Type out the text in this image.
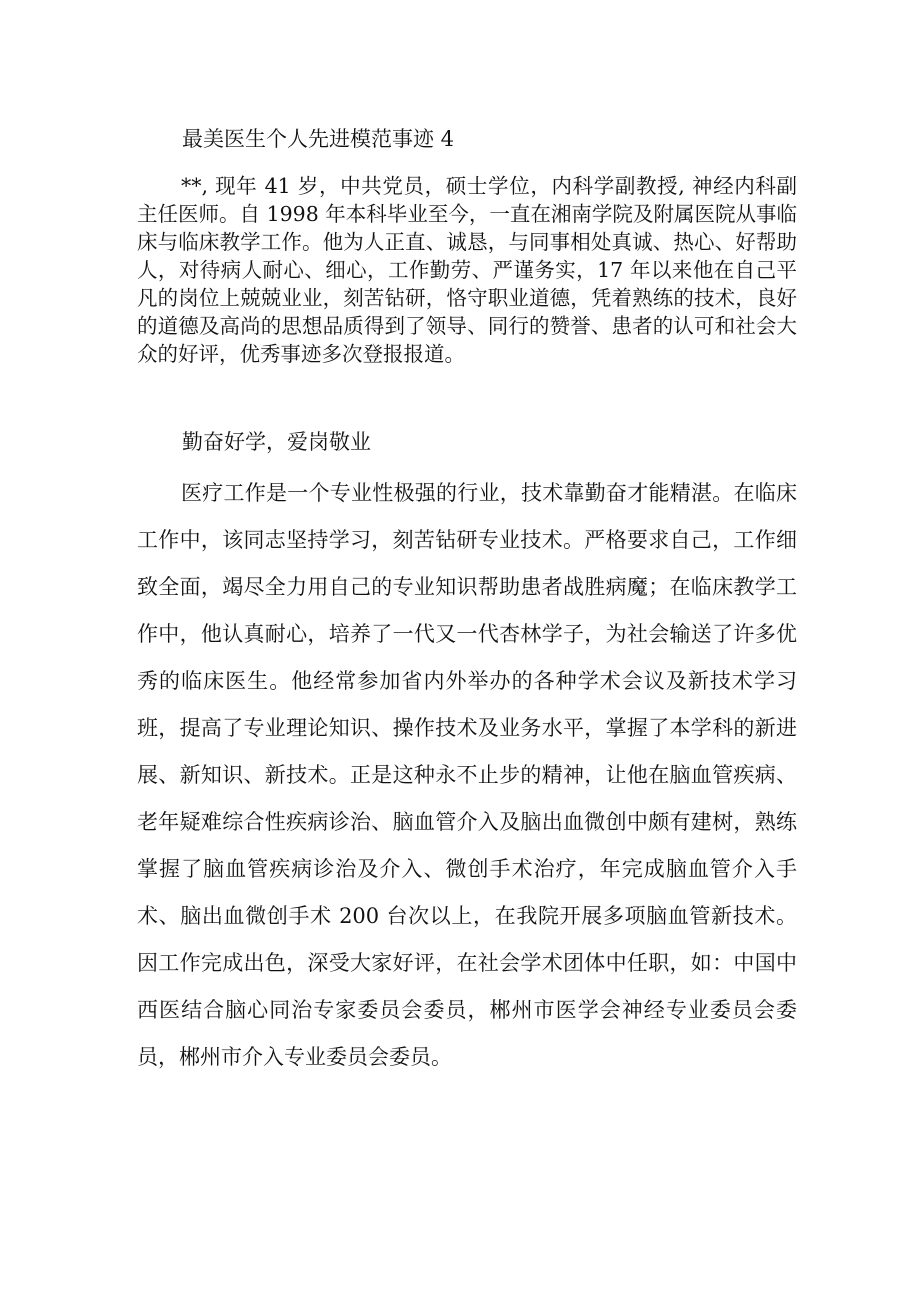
最美医生个人先进模范事迹 4

**, 现年 41 岁，中共党员，硕士学位，内科学副教授, 神经内科副主任医师。自 1998 年本科毕业至今，一直在湘南学院及附属医院从事临床与临床教学工作。他为人正直、诚恳，与同事相处真诚、热心、好帮助人，对待病人耐心、细心，工作勤劳、严谨务实，17 年以来他在自己平凡的岗位上兢兢业业，刻苦钻研，恪守职业道德，凭着熟练的技术，良好的道德及高尚的思想品质得到了领导、同行的赞誉、患者的认可和社会大众的好评，优秀事迹多次登报报道。

勤奋好学，爱岗敬业

医疗工作是一个专业性极强的行业，技术靠勤奋才能精湛。在临床工作中，该同志坚持学习，刻苦钻研专业技术。严格要求自己，工作细致全面，竭尽全力用自己的专业知识帮助患者战胜病魔；在临床教学工作中，他认真耐心，培养了一代又一代杏林学子，为社会输送了许多优秀的临床医生。他经常参加省内外举办的各种学术会议及新技术学习班，提高了专业理论知识、操作技术及业务水平，掌握了本学科的新进展、新知识、新技术。正是这种永不止步的精神，让他在脑血管疾病、老年疑难综合性疾病诊治、脑血管介入及脑出血微创中颇有建树，熟练掌握了脑血管疾病诊治及介入、微创手术治疗，年完成脑血管介入手术、脑出血微创手术 200 台次以上，在我院开展多项脑血管新技术。因工作完成出色，深受大家好评，在社会学术团体中任职，如：中国中西医结合脑心同治专家委员会委员，郴州市医学会神经专业委员会委员，郴州市介入专业委员会委员。
